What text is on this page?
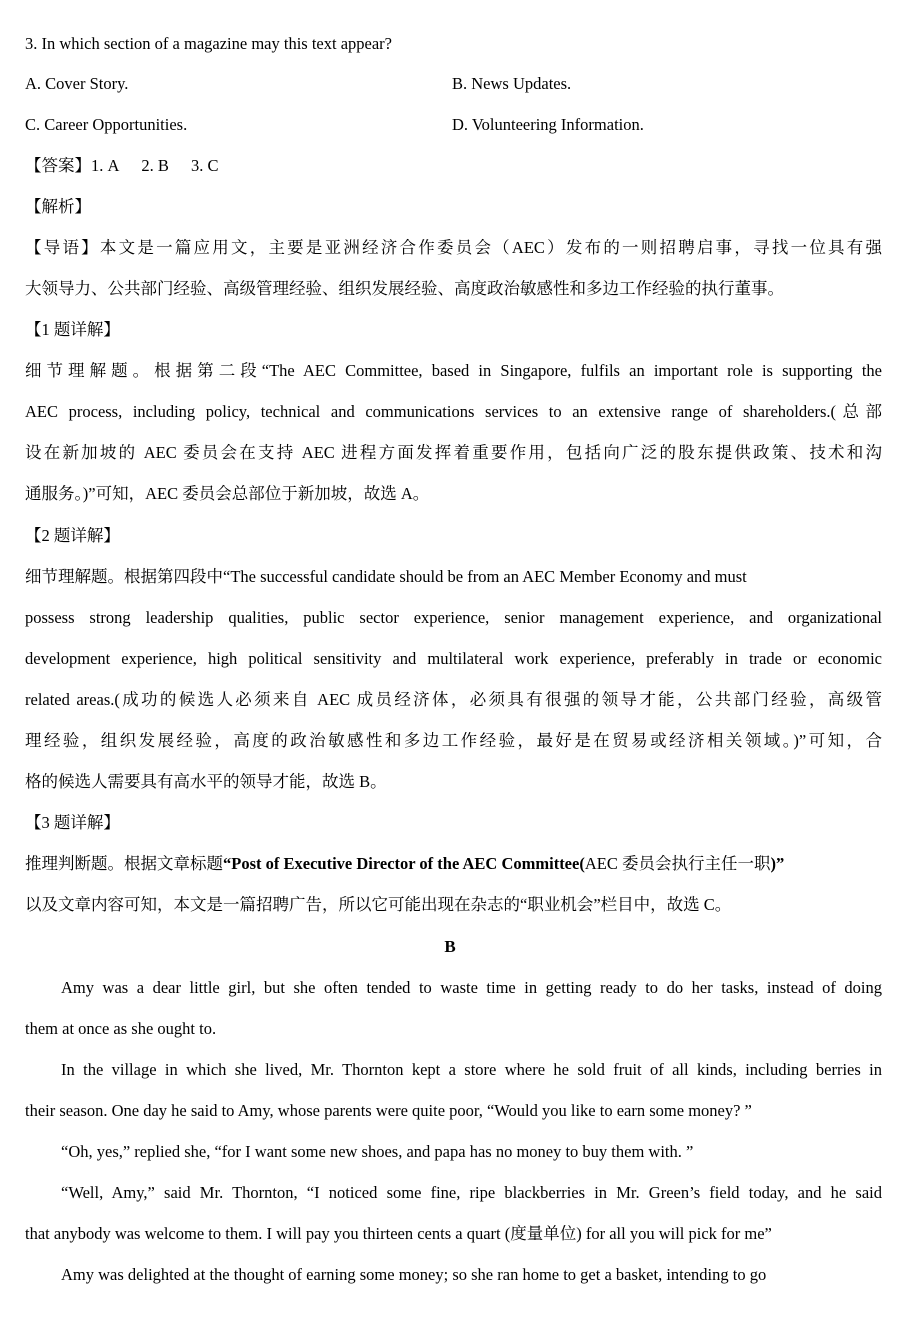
3. In which section of a magazine may this text appear?
A. Cover Story.	B. News Updates.
C. Career Opportunities.	D. Volunteering Information.
【答案】1. A 2. B 3. C
【解析】
【导语】本文是一篇应用文，主要是亚洲经济合作委员会（AEC）发布的一则招聘启事，寻找一位具有强
大领导力、公共部门经验、高级管理经验、组织发展经验、高度政治敏感性和多边工作经验的执行董事。
【1 题详解】
细节理解题。根据第二段“The AEC Committee, based in Singapore, fulfils an important role is supporting the
AEC process, including policy, technical and communications services to an extensive range of shareholders.(总部
设在新加坡的 AEC 委员会在支持 AEC 进程方面发挥着重要作用，包括向广泛的股东提供政策、技术和沟
通服务。)”可知，AEC 委员会总部位于新加坡，故选 A。
【2 题详解】
细节理解题。根据第四段中“The successful candidate should be from an AEC Member Economy and must
possess strong leadership qualities, public sector experience, senior management experience, and organizational
development experience, high political sensitivity and multilateral work experience, preferably in trade or economic
related areas.(成功的候选人必须来自 AEC 成员经济体，必须具有很强的领导才能，公共部门经验，高级管
理经验，组织发展经验，高度的政治敏感性和多边工作经验，最好是在贸易或经济相关领域。)”可知，合
格的候选人需要具有高水平的领导才能，故选 B。
【3 题详解】
推理判断题。根据文章标题“Post of Executive Director of the AEC Committee(AEC 委员会执行主任一职)”
以及文章内容可知，本文是一篇招聘广告，所以它可能出现在杂志的“职业机会”栏目中，故选 C。
B
Amy was a dear little girl, but she often tended to waste time in getting ready to do her tasks, instead of doing
them at once as she ought to.
In the village in which she lived, Mr. Thornton kept a store where he sold fruit of all kinds, including berries in
their season. One day he said to Amy, whose parents were quite poor, “Would you like to earn some money? ”
“Oh, yes,” replied she, “for I want some new shoes, and papa has no money to buy them with. ”
“Well, Amy,” said Mr. Thornton, “I noticed some fine, ripe blackberries in Mr. Green’s field today, and he said
that anybody was welcome to them. I will pay you thirteen cents a quart (度量单位) for all you will pick for me”
Amy was delighted at the thought of earning some money; so she ran home to get a basket, intending to go
